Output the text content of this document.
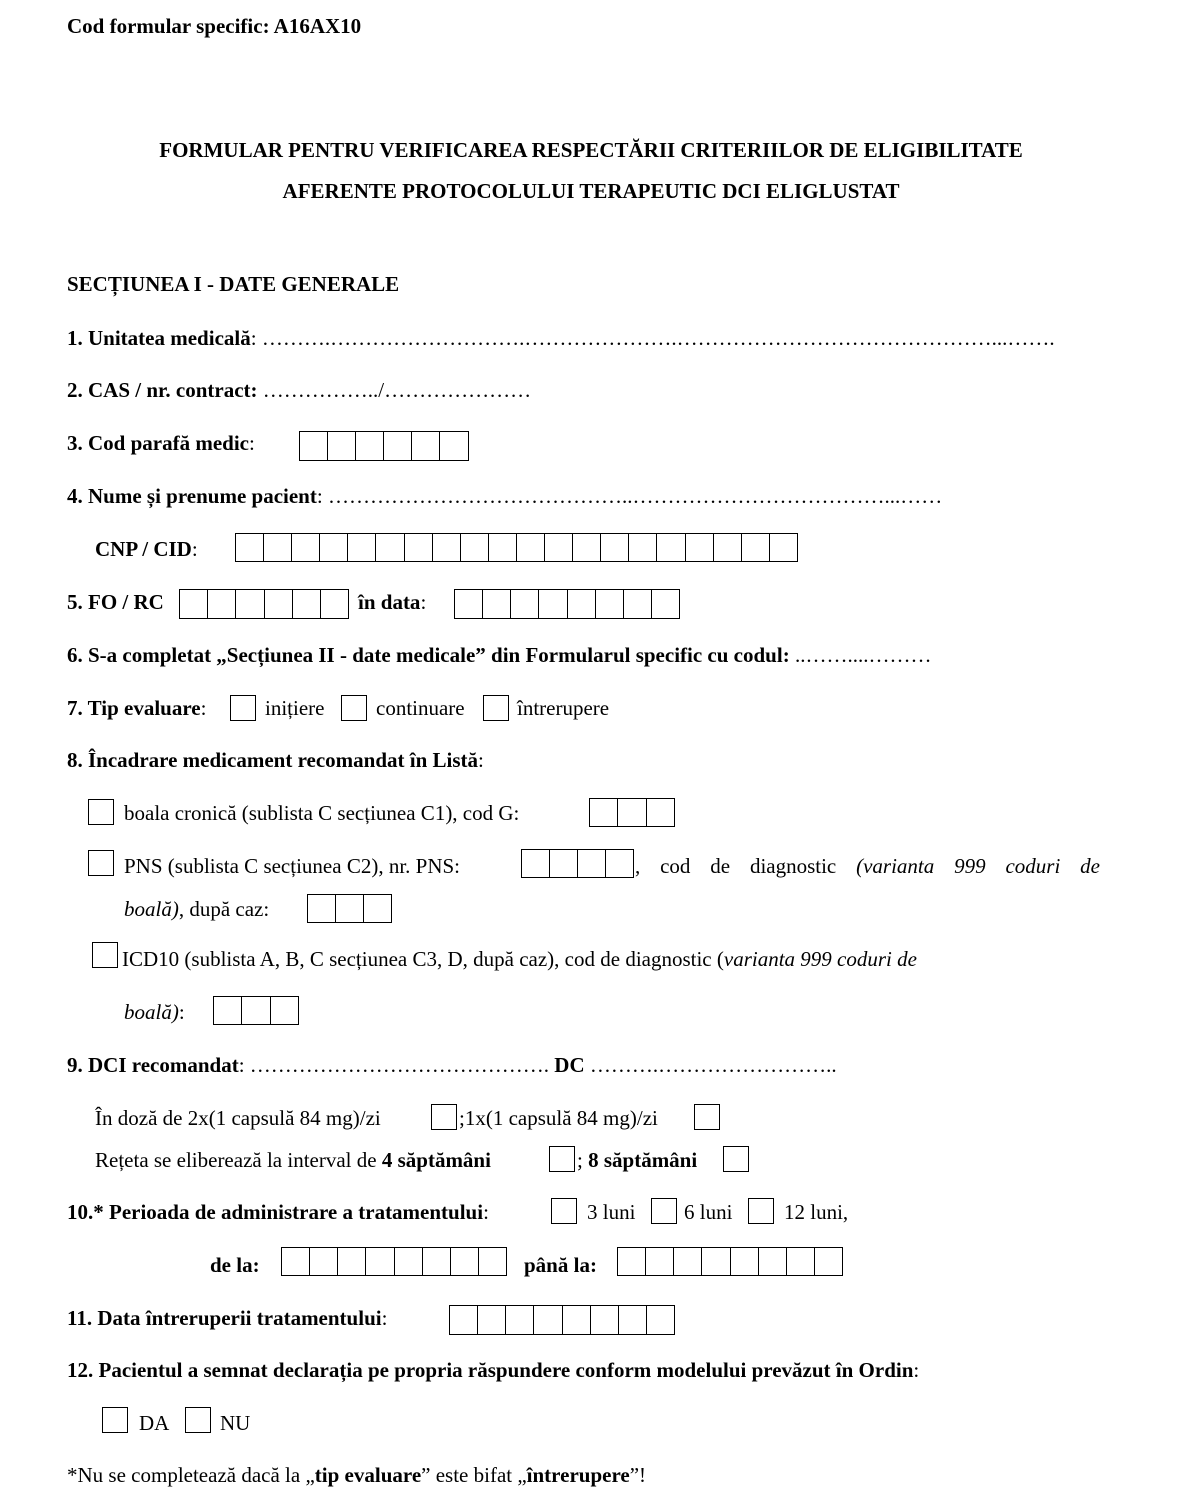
Cod formular specific: A16AX10
FORMULAR PENTRU VERIFICAREA RESPECTĂRII CRITERIILOR DE ELIGIBILITATE
AFERENTE PROTOCOLULUI TERAPEUTIC DCI ELIGLUSTAT
SECȚIUNEA I - DATE GENERALE
1. Unitatea medicală: ……….……………………….………………….………………………………………...…….
2. CAS / nr. contract: ……………../…………………
3. Cod parafă medic:
4. Nume și prenume pacient: ……………………………………..………………………………...……
CNP / CID:
5. FO / RC	în data:
6. S-a completat „Secțiunea II - date medicale” din Formularul specific cu codul: ..……....………
7. Tip evaluare:	inițiere continuare întrerupere
8. Încadrare medicament recomandat în Listă:
boala cronică (sublista C secțiunea C1), cod G:
PNS (sublista C secțiunea C2), nr. PNS:	, cod de diagnostic (varianta 999 coduri de
boală), după caz:
ICD10 (sublista A, B, C secțiunea C3, D, după caz), cod de diagnostic (varianta 999 coduri de
boală):
9. DCI recomandat: ……………………………………. DC ……….……………………..
În doză de 2x(1 capsulă 84 mg)/zi	;1x(1 capsulă 84 mg)/zi
Rețeta se eliberează la interval de 4 săptămâni	; 8 săptămâni
10.* Perioada de administrare a tratamentului:	3 luni 6 luni 12 luni,
de la:	până la:
11. Data întreruperii tratamentului:
12. Pacientul a semnat declarația pe propria răspundere conform modelului prevăzut în Ordin:
DA NU
*Nu se completează dacă la „tip evaluare” este bifat „întrerupere”!
